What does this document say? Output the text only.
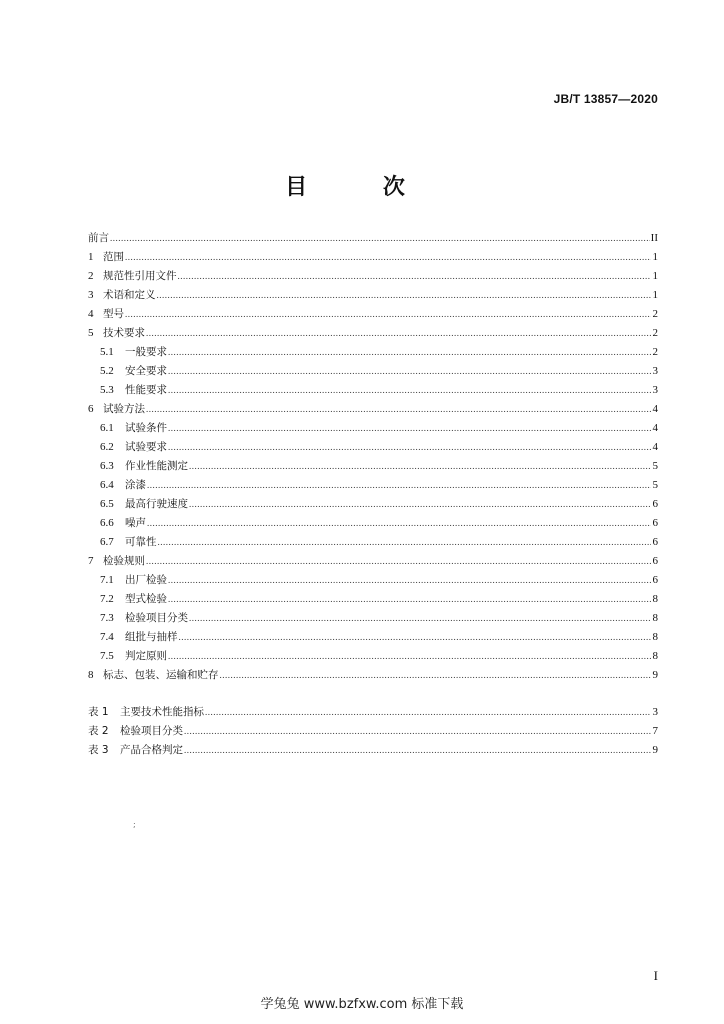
JB/T 13857—2020
目 次
前言 .....	II
1 范围 .....	1
2 规范性引用文件 .....	1
3 术语和定义 .....	1
4 型号 .....	2
5 技术要求 .....	2
5.1	一般要求 .....	2
5.2	安全要求 .....	3
5.3	性能要求 .....	3
6 试验方法 .....	4
6.1	试验条件 .....	4
6.2	试验要求 .....	4
6.3	作业性能测定 .....	5
6.4	涂漆 .....	5
6.5	最高行驶速度 .....	6
6.6	噪声 .....	6
6.7	可靠性 .....	6
7 检验规则 .....	6
7.1	出厂检验 .....	6
7.2	型式检验 .....	8
7.3	检验项目分类 .....	8
7.4	组批与抽样 .....	8
7.5	判定原则 .....	8
8 标志、包装、运输和贮存 .....	9
表 1	主要技术性能指标 .....	3
表 2	检验项目分类 .....	7
表 3	产品合格判定 .....	9
;
I
学兔兔 www.bzfxw.com 标准下载
